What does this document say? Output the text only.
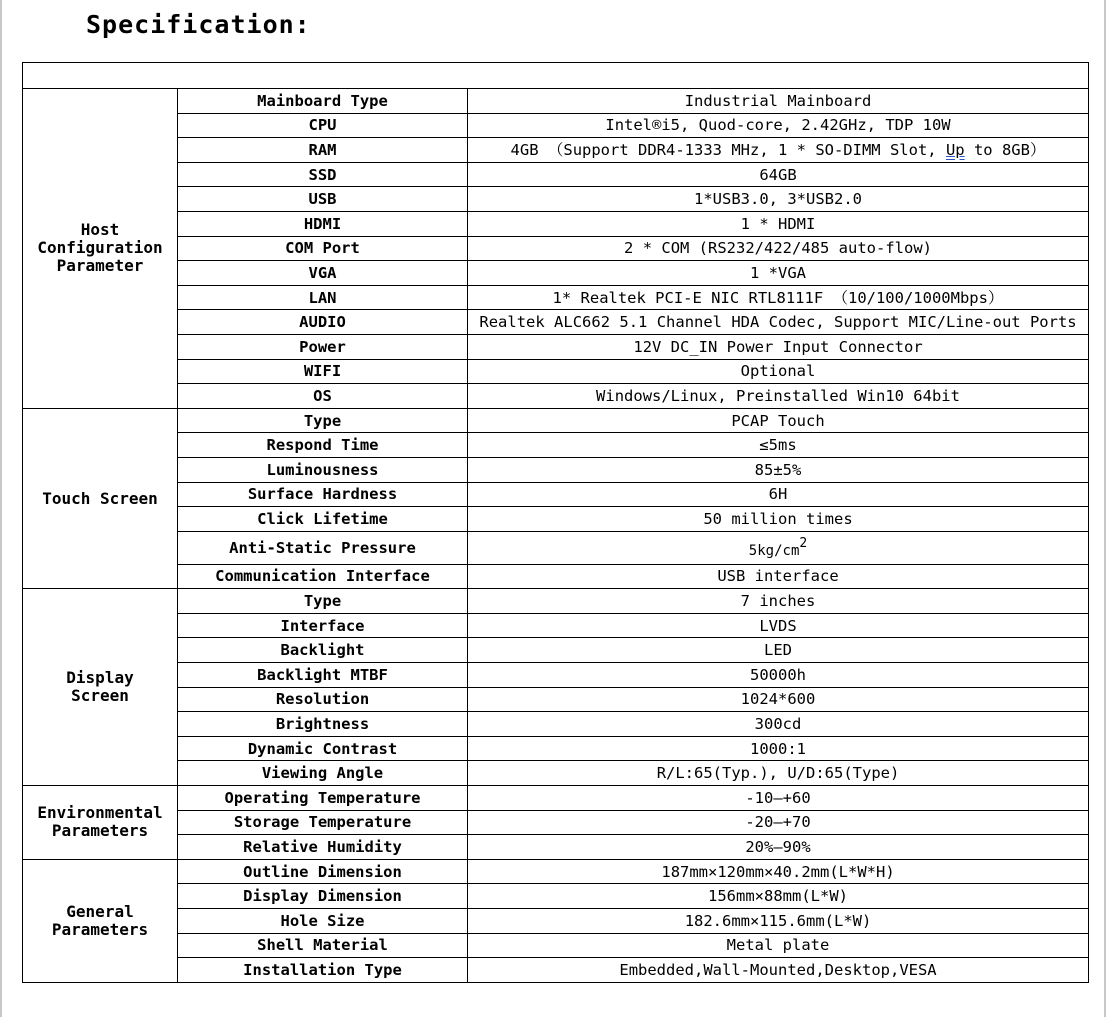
Specification:

Host
Configuration
Parameter	Mainboard Type	Industrial Mainboard
	CPU	Intel®i5, Quod-core, 2.42GHz, TDP 10W
	RAM	4GB （Support DDR4-1333 MHz, 1 * SO-DIMM Slot, Up to 8GB）
	SSD	64GB
	USB	1*USB3.0, 3*USB2.0
	HDMI	1 * HDMI
	COM Port	2 * COM (RS232/422/485 auto-flow)
	VGA	1 *VGA
	LAN	1* Realtek PCI-E NIC RTL8111F （10/100/1000Mbps）
	AUDIO	Realtek ALC662 5.1 Channel HDA Codec, Support MIC/Line-out Ports
	Power	12V DC_IN Power Input Connector
	WIFI	Optional
	OS	Windows/Linux, Preinstalled Win10 64bit
Touch Screen	Type	PCAP Touch
	Respond Time	≤5ms
	Luminousness	85±5%
	Surface Hardness	6H
	Click Lifetime	50 million times
	Anti-Static Pressure	$5kg/cm^2$
	Communication Interface	USB interface
Display
Screen	Type	7 inches
	Interface	LVDS
	Backlight	LED
	Backlight MTBF	50000h
	Resolution	1024*600
	Brightness	300cd
	Dynamic Contrast	1000:1
	Viewing Angle	R/L:65(Typ.), U/D:65(Type)
Environmental
Parameters	Operating Temperature	-10—+60
	Storage Temperature	-20—+70
	Relative Humidity	20%—90%
General
Parameters	Outline Dimension	187mm×120mm×40.2mm(L*W*H)
	Display Dimension	156mm×88mm(L*W)
	Hole Size	182.6mm×115.6mm(L*W)
	Shell Material	Metal plate
	Installation Type	Embedded,Wall-Mounted,Desktop,VESA
